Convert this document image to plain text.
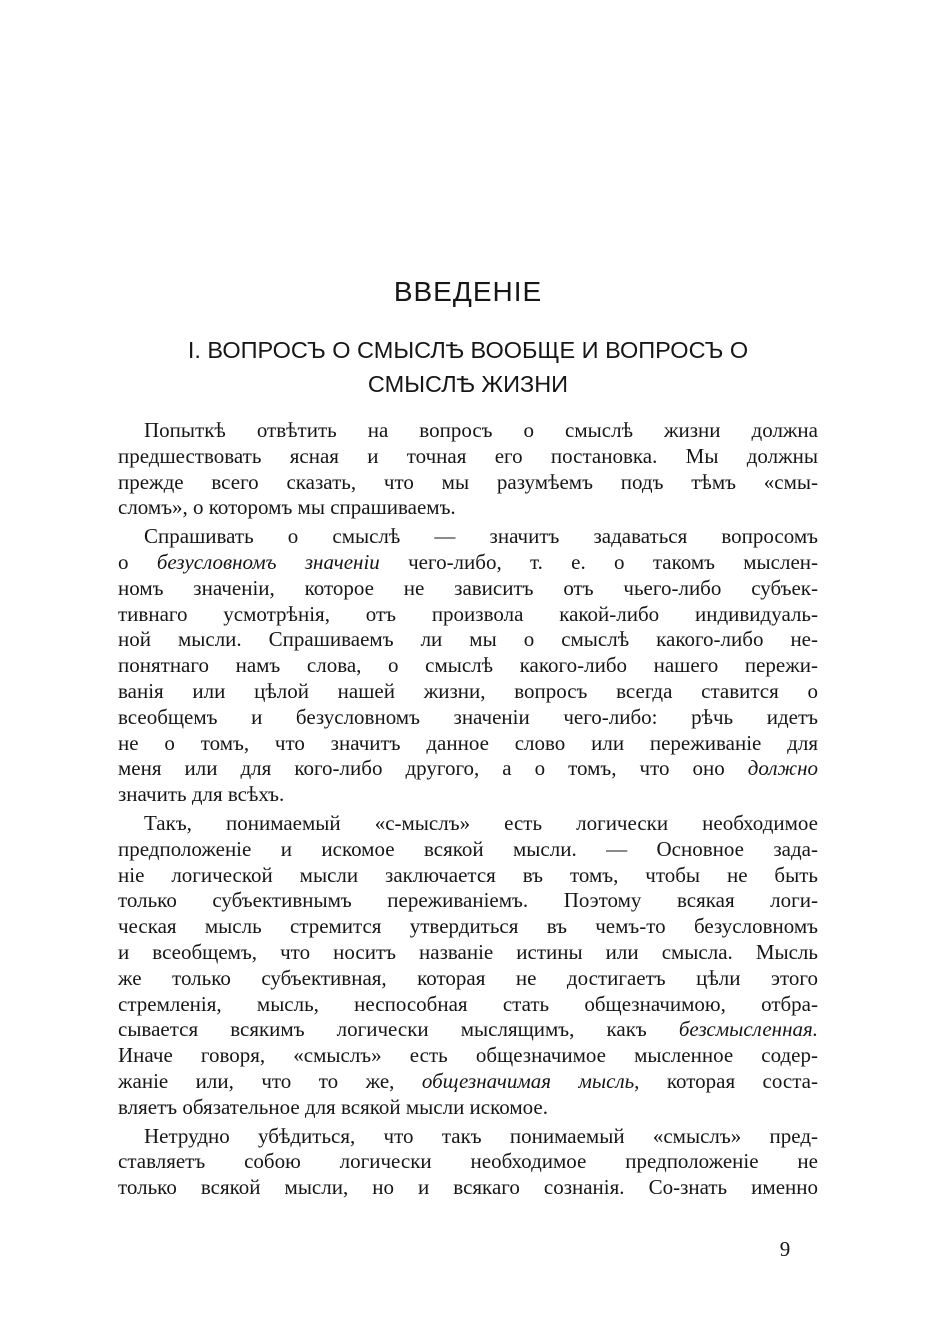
ВВЕДЕНІЕ
I. ВОПРОСЪ О СМЫСЛѢ ВООБЩЕ И ВОПРОСЪ О
СМЫСЛѢ ЖИЗНИ
Попыткѣ отвѣтить на вопросъ о смыслѣ жизни должна
предшествовать ясная и точная его постановка. Мы должны
прежде всего сказать, что мы разумѣемъ подъ тѣмъ «смы-
сломъ», о которомъ мы спрашиваемъ.
Спрашивать о смыслѣ — значитъ задаваться вопросомъ
о безусловномъ значеніи чего-либо, т. е. о такомъ мыслен-
номъ значеніи, которое не зависитъ отъ чьего-либо субъек-
тивнаго усмотрѣнія, отъ произвола какой-либо индивидуаль-
ной мысли. Спрашиваемъ ли мы о смыслѣ какого-либо не-
понятнаго намъ слова, о смыслѣ какого-либо нашего пережи-
ванія или цѣлой нашей жизни, вопросъ всегда ставится о
всеобщемъ и безусловномъ значеніи чего-либо: рѣчь идетъ
не о томъ, что значитъ данное слово или переживаніе для
меня или для кого-либо другого, а о томъ, что оно должно
значить для всѣхъ.
Такъ, понимаемый «с-мыслъ» есть логически необходимое
предположеніе и искомое всякой мысли. — Основное зада-
ніе логической мысли заключается въ томъ, чтобы не быть
только субъективнымъ переживаніемъ. Поэтому всякая логи-
ческая мысль стремится утвердиться въ чемъ-то безусловномъ
и всеобщемъ, что носитъ названіе истины или смысла. Мысль
же только субъективная, которая не достигаетъ цѣли этого
стремленія, мысль, неспособная стать общезначимою, отбра-
сывается всякимъ логически мыслящимъ, какъ безсмысленная.
Иначе говоря, «смыслъ» есть общезначимое мысленное содер-
жаніе или, что то же, общезначимая мысль, которая соста-
вляетъ обязательное для всякой мысли искомое.
Нетрудно убѣдиться, что такъ понимаемый «смыслъ» пред-
ставляетъ собою логически необходимое предположеніе не
только всякой мысли, но и всякаго сознанія. Со-знать именно
9
